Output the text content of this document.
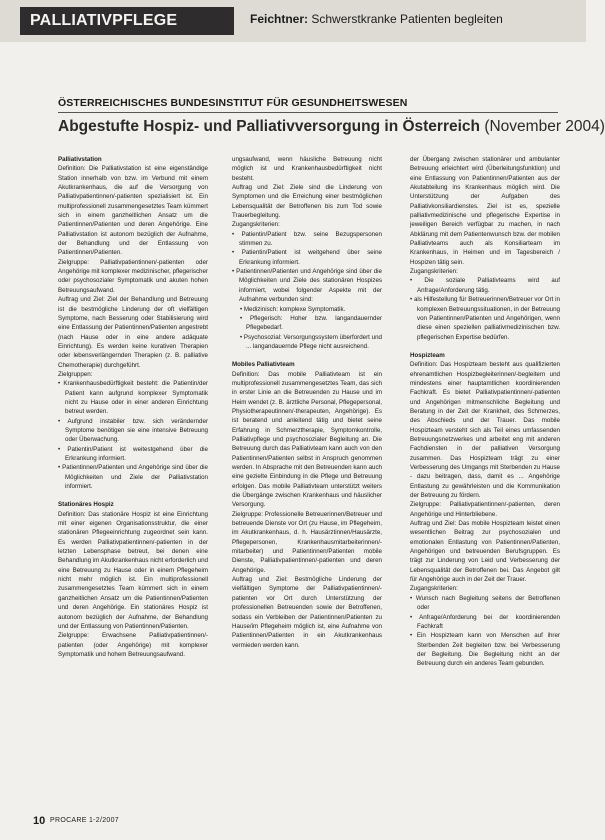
PALLIATIVPFLEGE	Feichtner: Schwerstkranke Patienten begleiten
ÖSTERREICHISCHES BUNDESINSTITUT FÜR GESUNDHEITSWESEN
Abgestufte Hospiz- und Palliativversorgung in Österreich (November 2004)

Palliativstation

Definition: Die Palliativstation ist eine eigenständige Station innerhalb von bzw. im Verbund mit einem Akutkrankenhaus, die auf die Versorgung von Palliativpatientinnen/-patienten spezialisiert ist. Ein multiprofessionell zusammengesetztes Team kümmert sich in einem ganzheitlichen Ansatz um die Patientinnen/Patienten und deren Angehörige. Eine Palliativstation ist autonom bezüglich der Aufnahme, der Behandlung und der Entlassung von Patientinnen/Patienten.

Zielgruppe: Palliativpatientinnen/-patienten oder Angehörige mit komplexer medizinischer, pflegerischer oder psychosozialer Symptomatik und akuten hohen Betreuungsaufwand.

Auftrag und Ziel: Ziel der Behandlung und Betreuung ist die bestmögliche Linderung der oft vielfältigen Symptome, nach Besserung oder Stabilisierung wird eine Entlassung der Patientinnen/Patienten angestrebt (nach Hause oder in eine andere adäquate Einrichtung). Es werden keine kurativen Therapien oder lebensverlängernden Therapien (z. B. palliative Chemotherapie) durchgeführt.

Zielgruppen:

• Krankenhausbedürftigkeit besteht: die Patientin/der Patient kann aufgrund komplexer Symptomatik nicht zu Hause oder in einer anderen Einrichtung betreut werden.

• Aufgrund instabiler bzw. sich verändernder Symptome benötigen sie eine intensive Betreuung oder Überwachung.

• Patientin/Patient ist weitestgehend über die Erkrankung informiert.

• Patientinnen/Patienten und Angehörige sind über die Möglichkeiten und Ziele der Palliativstation informiert.

Stationäres Hospiz

Definition: Das stationäre Hospiz ist eine Einrichtung mit einer eigenen Organisationsstruktur, die einer stationären Pflegeeinrichtung zugeordnet sein kann. Es werden Palliativpatientinnen/-patienten in der letzten Lebensphase betreut, bei denen eine Behandlung im Akutkrankenhaus nicht erforderlich und eine Betreuung zu Hause oder in einem Pflegeheim nicht mehr möglich ist. Ein multiprofessionell zusammengesetztes Team kümmert sich in einem ganzheitlichen Ansatz um die Patientinnen/Patienten und deren Angehörige. Ein stationäres Hospiz ist autonom bezüglich der Aufnahme, der Behandlung und der Entlassung von Patientinnen/Patienten.

Zielgruppe: Erwachsene Palliativpatientinnen/-patienten (oder Angehörige) mit komplexer Symptomatik und hohem Betreuungsaufwand.

ungsaufwand, wenn häusliche Betreuung nicht möglich ist und Krankenhausbedürftigkeit nicht besteht.

Auftrag und Ziel: Ziele sind die Linderung von Symptomen und die Erreichung einer bestmöglichen Lebensqualität der Betroffenen bis zum Tod sowie Trauerbegleitung.

Zugangskriterien:

• Patientin/Patient bzw. seine Bezugspersonen stimmen zu.

• Patientin/Patient ist weitgehend über seine Erkrankung informiert.

• Patientinnen/Patienten und Angehörige sind über die Möglichkeiten und Ziele des stationären Hospizes informiert, wobei folgender Aspekte mit der Aufnahme verbunden sind:

• Medizinisch: komplexe Symptomatik.

• Pflegerisch: Hoher bzw. langandauernder Pflegebedarf.

• Psychosozial: Versorgungssystem überfordert und ... langandauernde Pflege nicht ausreichend.

Mobiles Palliativteam

Definition: Das mobile Palliativteam ist ein multiprofessionell zusammengesetztes Team, das sich in erster Linie an die Betreuenden zu Hause und im Heim wendet (z. B. ärztliche Personal, Pflegepersonal, Physiotherapeutinnen/-therapeuten, Angehörige). Es ist beratend und anleitend tätig und bietet seine Erfahrung in Schmerztherapie, Symptomkontrolle, Palliativpflege und psychosozialer Begleitung an. Die Betreuung durch das Palliativteam kann auch von den Patientinnen/Patienten selbst in Anspruch genommen werden. In Absprache mit den Betreuenden kann auch eine gezielte Einbindung in die Pflege und Betreuung erfolgen. Das mobile Palliativteam unterstützt weiters die Übergänge zwischen Krankenhaus und häuslicher Versorgung.

Zielgruppe: Professionelle Betreuerinnen/Betreuer und betreuende Dienste vor Ort (zu Hause, im Pflegeheim, im Akutkrankenhaus, d. h. Hausärztinnen/Hausärzte, Pflegepersonen, Krankenhausmitarbeiterinnen/-mitarbeiter) und Patientinnen/Patienten mobile Dienste, Palliativpatientinnen/-patienten und deren Angehörige.

Auftrag und Ziel: Bestmögliche Linderung der vielfältigen Symptome der Palliativpatientinnen/-patienten vor Ort durch Unterstützung der professionellen Betreuenden sowie der Betroffenen, sodass ein Verbleiben der Patientinnen/Patienten zu Hause/im Pflegeheim möglich ist, eine Aufnahme von Patientinnen/Patienten in ein Akutkrankenhaus vermieden werden kann.

der Übergang zwischen stationärer und ambulanter Betreuung erleichtert wird (Überleitungsfunktion) und eine Entlassung von Patientinnen/Patienten aus der Akutabteilung ins Krankenhaus möglich wird. Die Unterstützung der Aufgaben des Palliativkonsiliardienstes. Ziel ist es, spezielle palliativmedizinische und pflegerische Expertise in jeweiligen Bereich verfügbar zu machen, in nach Abklärung mit dem Patientenwunsch bzw. der mobilen Palliativteams auch als Konsiliarteam im Krankenhaus, in Heimen und im Tagesbereich / Hospizen tätig sein.

Zugangskriterien:

• Die soziale Palliativteams wird auf Anfrage/Anforderung tätig.

• als Hilfestellung für Betreuerinnen/Betreuer vor Ort in komplexen Betreuungssituationen, in der Betreuung von Patientinnen/Patienten und Angehörigen, wenn diese einen speziellen palliativmedizinischen bzw. pflegerischen Expertise bedürfen.

Hospizteam

Definition: Das Hospizteam besteht aus qualifizierten ehrenamtlichen Hospizbegleiterinnen/-begleitern und mindestens einer hauptamtlichen koordinierenden Fachkraft. Es bietet Palliativpatientinnen/-patienten und Angehörigen mitmenschliche Begleitung und Beratung in der Zeit der Krankheit, des Schmerzes, des Abschieds und der Trauer. Das mobile Hospizteam versteht sich als Teil eines umfassenden Betreuungsnetzwerkes und arbeitet eng mit anderen Fachdiensten in der palliativen Versorgung zusammen. Das Hospizteam trägt zu einer Verbesserung des Umgangs mit Sterbenden zu Hause - dazu beitragen, dass, damit es ... Angehörige Entlastung zu gewährleisten und die Kommunikation der Betreuung zu fördern.

Zielgruppe: Palliativpatientinnen/-patienten, deren Angehörige und Hinterbliebene.

Auftrag und Ziel: Das mobile Hospizteam leistet einen wesentlichen Beitrag zur psychosozialen und emotionalen Entlastung von Patientinnen/Patienten, Angehörigen und betreuenden Berufsgruppen. Es trägt zur Linderung von Leid und Verbesserung der Lebensqualität der Betroffenen bei. Das Angebot gilt für Angehörige auch in der Zeit der Trauer.

Zugangskriterien:

• Wunsch nach Begleitung seitens der Betroffenen oder

• Anfrage/Anforderung bei der koordinierenden Fachkraft

• Ein Hospizteam kann von Menschen auf ihrer Sterbenden Zeit begleiten bzw. bei Verbesserung der Begleitung. Die Begleitung nicht an der Betreuung durch ein anderes Team gebunden.

10 PROCARE 1-2/2007
